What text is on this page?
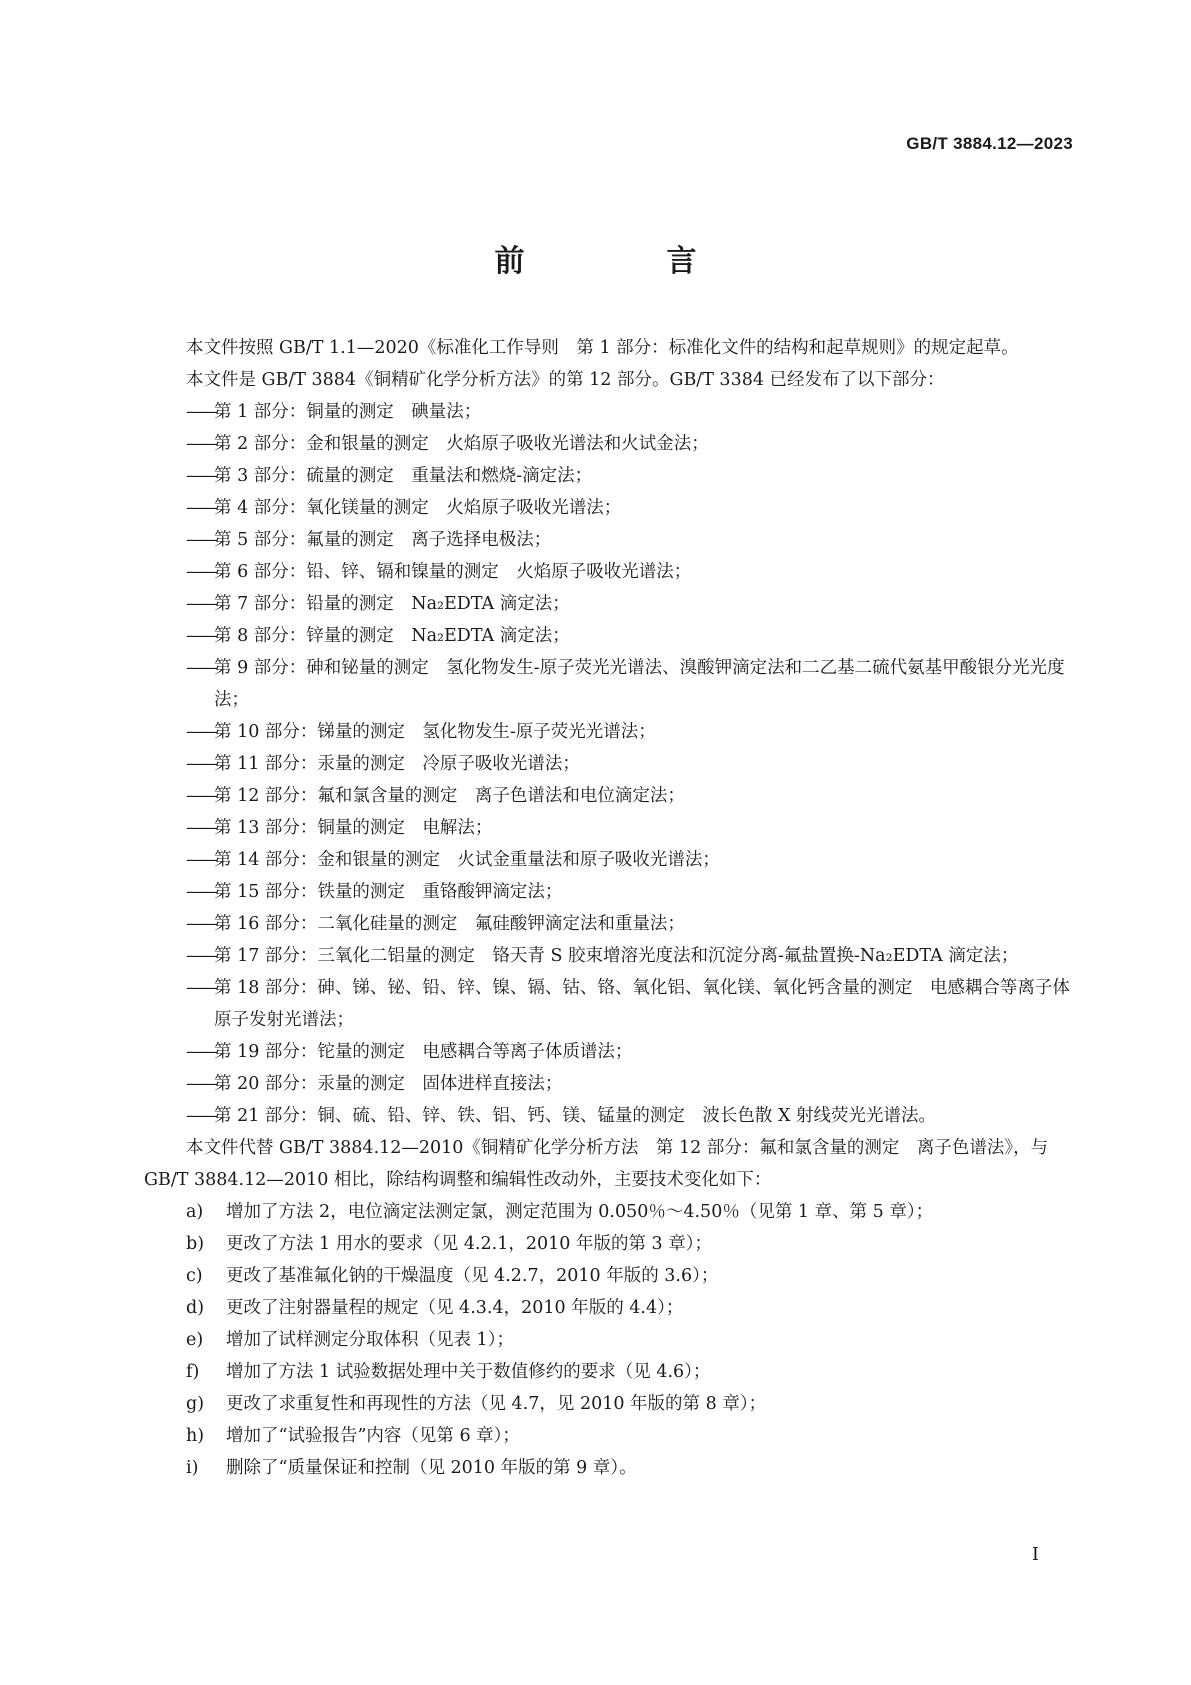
GB/T 3884.12—2023
前　言

本文件按照 GB/T 1.1—2020《标准化工作导则　第 1 部分：标准化文件的结构和起草规则》的规定起草。

本文件是 GB/T 3884《铜精矿化学分析方法》的第 12 部分。GB/T 3384 已经发布了以下部分：

—— 第 1 部分：铜量的测定　碘量法；

—— 第 2 部分：金和银量的测定　火焰原子吸收光谱法和火试金法；

—— 第 3 部分：硫量的测定　重量法和燃烧-滴定法；

—— 第 4 部分：氧化镁量的测定　火焰原子吸收光谱法；

—— 第 5 部分：氟量的测定　离子选择电极法；

—— 第 6 部分：铅、锌、镉和镍量的测定　火焰原子吸收光谱法；

—— 第 7 部分：铅量的测定　Na₂EDTA 滴定法；

—— 第 8 部分：锌量的测定　Na₂EDTA 滴定法；

—— 第 9 部分：砷和铋量的测定　氢化物发生-原子荧光光谱法、溴酸钾滴定法和二乙基二硫代氨基甲酸银分光光度法；

—— 第 10 部分：锑量的测定　氢化物发生-原子荧光光谱法；

—— 第 11 部分：汞量的测定　冷原子吸收光谱法；

—— 第 12 部分：氟和氯含量的测定　离子色谱法和电位滴定法；

—— 第 13 部分：铜量的测定　电解法；

—— 第 14 部分：金和银量的测定　火试金重量法和原子吸收光谱法；

—— 第 15 部分：铁量的测定　重铬酸钾滴定法；

—— 第 16 部分：二氧化硅量的测定　氟硅酸钾滴定法和重量法；

—— 第 17 部分：三氧化二铝量的测定　铬天青 S 胶束增溶光度法和沉淀分离-氟盐置换-Na₂EDTA 滴定法；

—— 第 18 部分：砷、锑、铋、铅、锌、镍、镉、钴、铬、氧化铝、氧化镁、氧化钙含量的测定　电感耦合等离子体原子发射光谱法；

—— 第 19 部分：铊量的测定　电感耦合等离子体质谱法；

—— 第 20 部分：汞量的测定　固体进样直接法；

—— 第 21 部分：铜、硫、铅、锌、铁、铝、钙、镁、锰量的测定　波长色散 X 射线荧光光谱法。

本文件代替 GB/T 3884.12—2010《铜精矿化学分析方法　第 12 部分：氟和氯含量的测定　离子色谱法》，与 GB/T 3884.12—2010 相比，除结构调整和编辑性改动外，主要技术变化如下：

a)	增加了方法 2，电位滴定法测定氯，测定范围为 0.050％～4.50％（见第 1 章、第 5 章）；

b)	更改了方法 1 用水的要求（见 4.2.1，2010 年版的第 3 章）；

c)	更改了基准氟化钠的干燥温度（见 4.2.7，2010 年版的 3.6）；

d)	更改了注射器量程的规定（见 4.3.4，2010 年版的 4.4）；

e)	增加了试样测定分取体积（见表 1）；

f)	增加了方法 1 试验数据处理中关于数值修约的要求（见 4.6）；

g)	更改了求重复性和再现性的方法（见 4.7，见 2010 年版的第 8 章）；

h)	增加了“试验报告”内容（见第 6 章）；

i)	删除了“质量保证和控制（见 2010 年版的第 9 章）。

I
